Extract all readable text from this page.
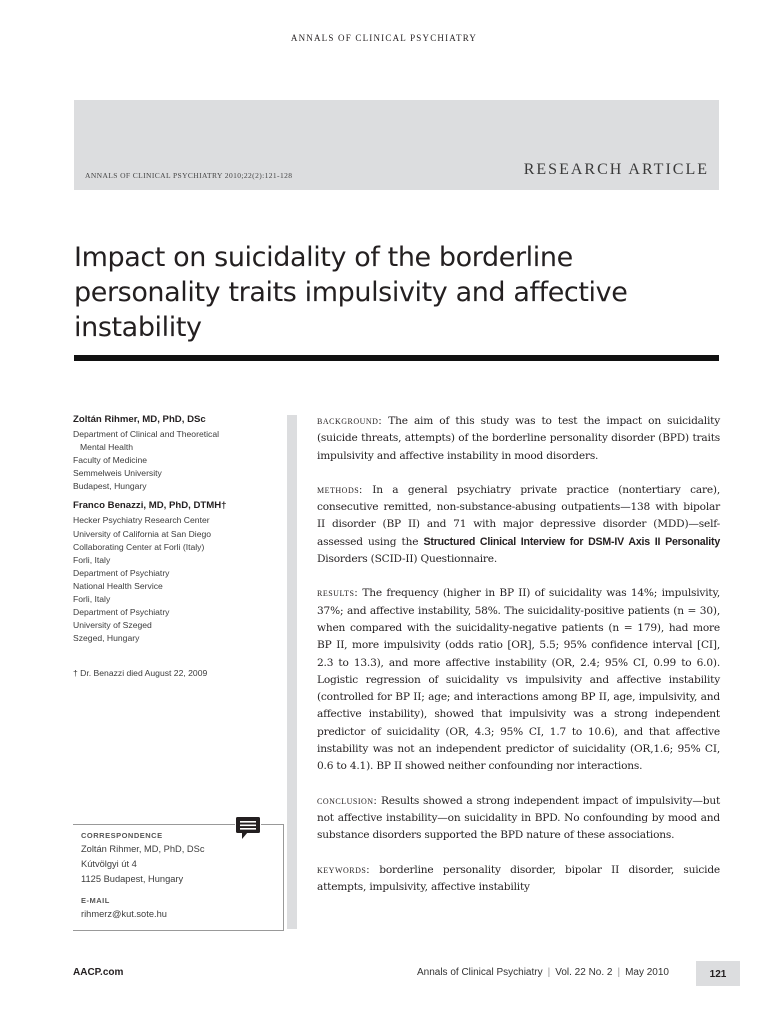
ANNALS OF CLINICAL PSYCHIATRY
ANNALS OF CLINICAL PSYCHIATRY 2010;22(2):121-128	RESEARCH ARTICLE
Impact on suicidality of the borderline personality traits impulsivity and affective instability
Zoltán Rihmer, MD, PhD, DSc
Department of Clinical and Theoretical
Mental Health
Faculty of Medicine
Semmelweis University
Budapest, Hungary
Franco Benazzi, MD, PhD, DTMH†
Hecker Psychiatry Research Center
University of California at San Diego
Collaborating Center at Forli (Italy)
Forli, Italy
Department of Psychiatry
National Health Service
Forli, Italy
Department of Psychiatry
University of Szeged
Szeged, Hungary
† Dr. Benazzi died August 22, 2009
CORRESPONDENCE
Zoltán Rihmer, MD, PhD, DSc
Kútvölgyi út 4
1125 Budapest, Hungary
E-MAIL
rihmerz@kut.sote.hu

background : The aim of this study was to test the impact on suicidality (suicide threats, attempts) of the borderline personality disorder (BPD) traits impulsivity and affective instability in mood disorders.

methods : In a general psychiatry private practice (nontertiary care), consecutive remitted, non-substance-abusing outpatients—138 with bipolar II disorder (BP II) and 71 with major depressive disorder (MDD)—self-assessed using the Structured Clinical Interview for DSM-IV Axis II Personality Disorders (SCID-II) Questionnaire.

results : The frequency (higher in BP II) of suicidality was 14%; impulsivity, 37%; and affective instability, 58%. The suicidality-positive patients (n = 30), when compared with the suicidality-negative patients (n = 179), had more BP II, more impulsivity (odds ratio [OR], 5.5; 95% confidence interval [CI], 2.3 to 13.3), and more affective instability (OR, 2.4; 95% CI, 0.99 to 6.0). Logistic regression of suicidality vs impulsivity and affective instability (controlled for BP II; age; and interactions among BP II, age, impulsivity, and affective instability), showed that impulsivity was a strong independent predictor of suicidality (OR, 4.3; 95% CI, 1.7 to 10.6), and that affective instability was not an independent predictor of suicidality (OR,1.6; 95% CI, 0.6 to 4.1). BP II showed neither confounding nor interactions.

conclusion : Results showed a strong independent impact of impulsivity—but not affective instability—on suicidality in BPD. No confounding by mood and substance disorders supported the BPD nature of these associations.

keywords : borderline personality disorder, bipolar II disorder, suicide attempts, impulsivity, affective instability

AACP.com	Annals of Clinical Psychiatry | Vol. 22 No. 2 | May 2010	121
